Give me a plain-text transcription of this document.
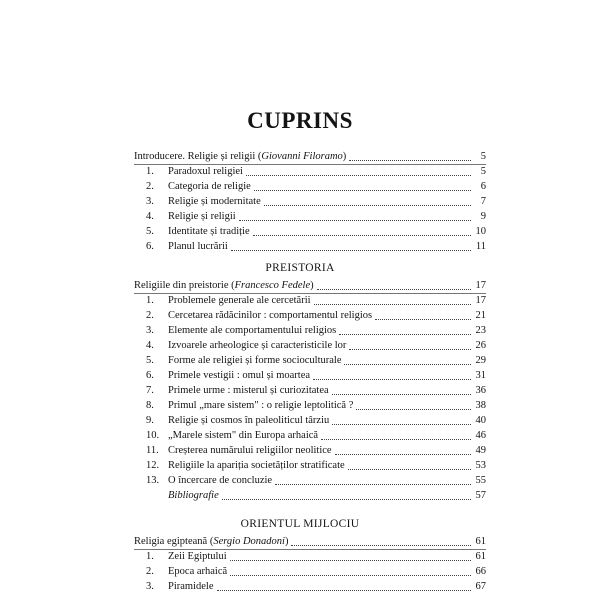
CUPRINS
Introducere. Religie și religii (Giovanni Filoramo)	5
1.	Paradoxul religiei	5
2.	Categoria de religie	6
3.	Religie și modernitate	7
4.	Religie și religii	9
5.	Identitate și tradiție	10
6.	Planul lucrării	11
PREISTORIA
Religiile din preistorie (Francesco Fedele)	17
1.	Problemele generale ale cercetării	17
2.	Cercetarea rădăcinilor : comportamentul religios	21
3.	Elemente ale comportamentului religios	23
4.	Izvoarele arheologice și caracteristicile lor	26
5.	Forme ale religiei și forme socioculturale	29
6.	Primele vestigii : omul și moartea	31
7.	Primele urme : misterul și curiozitatea	36
8.	Primul „mare sistem" : o religie leptolitică ?	38
9.	Religie și cosmos în paleoliticul târziu	40
10. „Marele sistem" din Europa arhaică	46
11. Creșterea numărului religiilor neolitice	49
12. Religiile la apariția societăților stratificate	53
13. O încercare de concluzie	55
Bibliografie	57
ORIENTUL MIJLOCIU
Religia egipteană (Sergio Donadoni)	61
1.	Zeii Egiptului	61
2.	Epoca arhaică	66
3.	Piramidele	67
